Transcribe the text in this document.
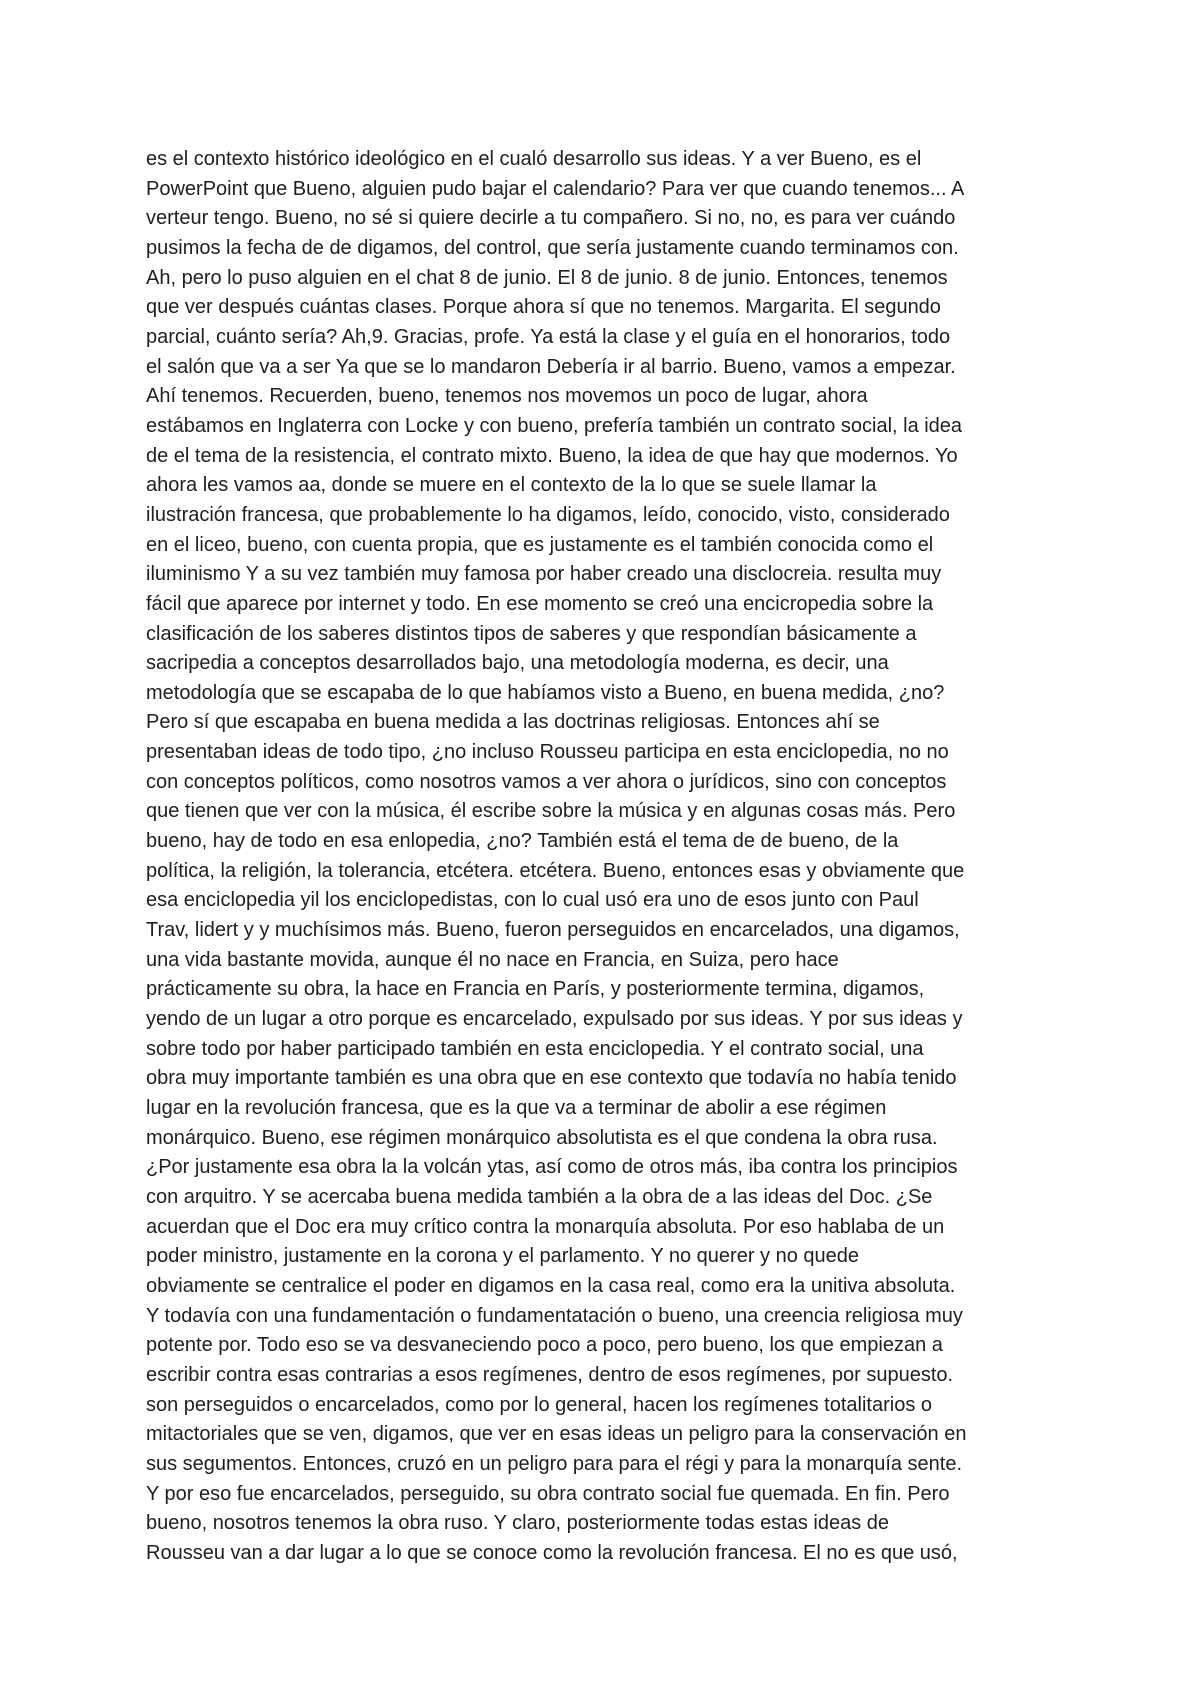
es el contexto histórico ideológico en el cualó desarrollo sus ideas. Y a ver Bueno, es el
PowerPoint que Bueno, alguien pudo bajar el calendario? Para ver que cuando tenemos... A
verteur tengo. Bueno, no sé si quiere decirle a tu compañero. Si no, no, es para ver cuándo
pusimos la fecha de de digamos, del control, que sería justamente cuando terminamos con.
Ah, pero lo puso alguien en el chat 8 de junio. El 8 de junio. 8 de junio. Entonces, tenemos
que ver después cuántas clases. Porque ahora sí que no tenemos. Margarita. El segundo
parcial, cuánto sería? Ah,9. Gracias, profe. Ya está la clase y el guía en el honorarios, todo
el salón que va a ser Ya que se lo mandaron Debería ir al barrio. Bueno, vamos a empezar.
Ahí tenemos. Recuerden, bueno, tenemos nos movemos un poco de lugar, ahora
estábamos en Inglaterra con Locke y con bueno, prefería también un contrato social, la idea
de el tema de la resistencia, el contrato mixto. Bueno, la idea de que hay que modernos. Yo
ahora les vamos aa, donde se muere en el contexto de la lo que se suele llamar la
ilustración francesa, que probablemente lo ha digamos, leído, conocido, visto, considerado
en el liceo, bueno, con cuenta propia, que es justamente es el también conocida como el
iluminismo Y a su vez también muy famosa por haber creado una disclocreia. resulta muy
fácil que aparece por internet y todo. En ese momento se creó una encicropedia sobre la
clasificación de los saberes distintos tipos de saberes y que respondían básicamente a
sacripedia a conceptos desarrollados bajo, una metodología moderna, es decir, una
metodología que se escapaba de lo que habíamos visto a Bueno, en buena medida, ¿no?
Pero sí que escapaba en buena medida a las doctrinas religiosas. Entonces ahí se
presentaban ideas de todo tipo, ¿no incluso Rousseu participa en esta enciclopedia, no no
con conceptos políticos, como nosotros vamos a ver ahora o jurídicos, sino con conceptos
que tienen que ver con la música, él escribe sobre la música y en algunas cosas más. Pero
bueno, hay de todo en esa enlopedia, ¿no? También está el tema de de bueno, de la
política, la religión, la tolerancia, etcétera. etcétera. Bueno, entonces esas y obviamente que
esa enciclopedia yil los enciclopedistas, con lo cual usó era uno de esos junto con Paul
Trav, lidert y y muchísimos más. Bueno, fueron perseguidos en encarcelados, una digamos,
una vida bastante movida, aunque él no nace en Francia, en Suiza, pero hace
prácticamente su obra, la hace en Francia en París, y posteriormente termina, digamos,
yendo de un lugar a otro porque es encarcelado, expulsado por sus ideas. Y por sus ideas y
sobre todo por haber participado también en esta enciclopedia. Y el contrato social, una
obra muy importante también es una obra que en ese contexto que todavía no había tenido
lugar en la revolución francesa, que es la que va a terminar de abolir a ese régimen
monárquico. Bueno, ese régimen monárquico absolutista es el que condena la obra rusa.
¿Por justamente esa obra la la volcán ytas, así como de otros más, iba contra los principios
con arquitro. Y se acercaba buena medida también a la obra de a las ideas del Doc. ¿Se
acuerdan que el Doc era muy crítico contra la monarquía absoluta. Por eso hablaba de un
poder ministro, justamente en la corona y el parlamento. Y no querer y no quede
obviamente se centralice el poder en digamos en la casa real, como era la unitiva absoluta.
Y todavía con una fundamentación o fundamentatación o bueno, una creencia religiosa muy
potente por. Todo eso se va desvaneciendo poco a poco, pero bueno, los que empiezan a
escribir contra esas contrarias a esos regímenes, dentro de esos regímenes, por supuesto.
son perseguidos o encarcelados, como por lo general, hacen los regímenes totalitarios o
mitactoriales que se ven, digamos, que ver en esas ideas un peligro para la conservación en
sus segumentos. Entonces, cruzó en un peligro para para el régi y para la monarquía sente.
Y por eso fue encarcelados, perseguido, su obra contrato social fue quemada. En fin. Pero
bueno, nosotros tenemos la obra ruso. Y claro, posteriormente todas estas ideas de
Rousseu van a dar lugar a lo que se conoce como la revolución francesa. El no es que usó,
